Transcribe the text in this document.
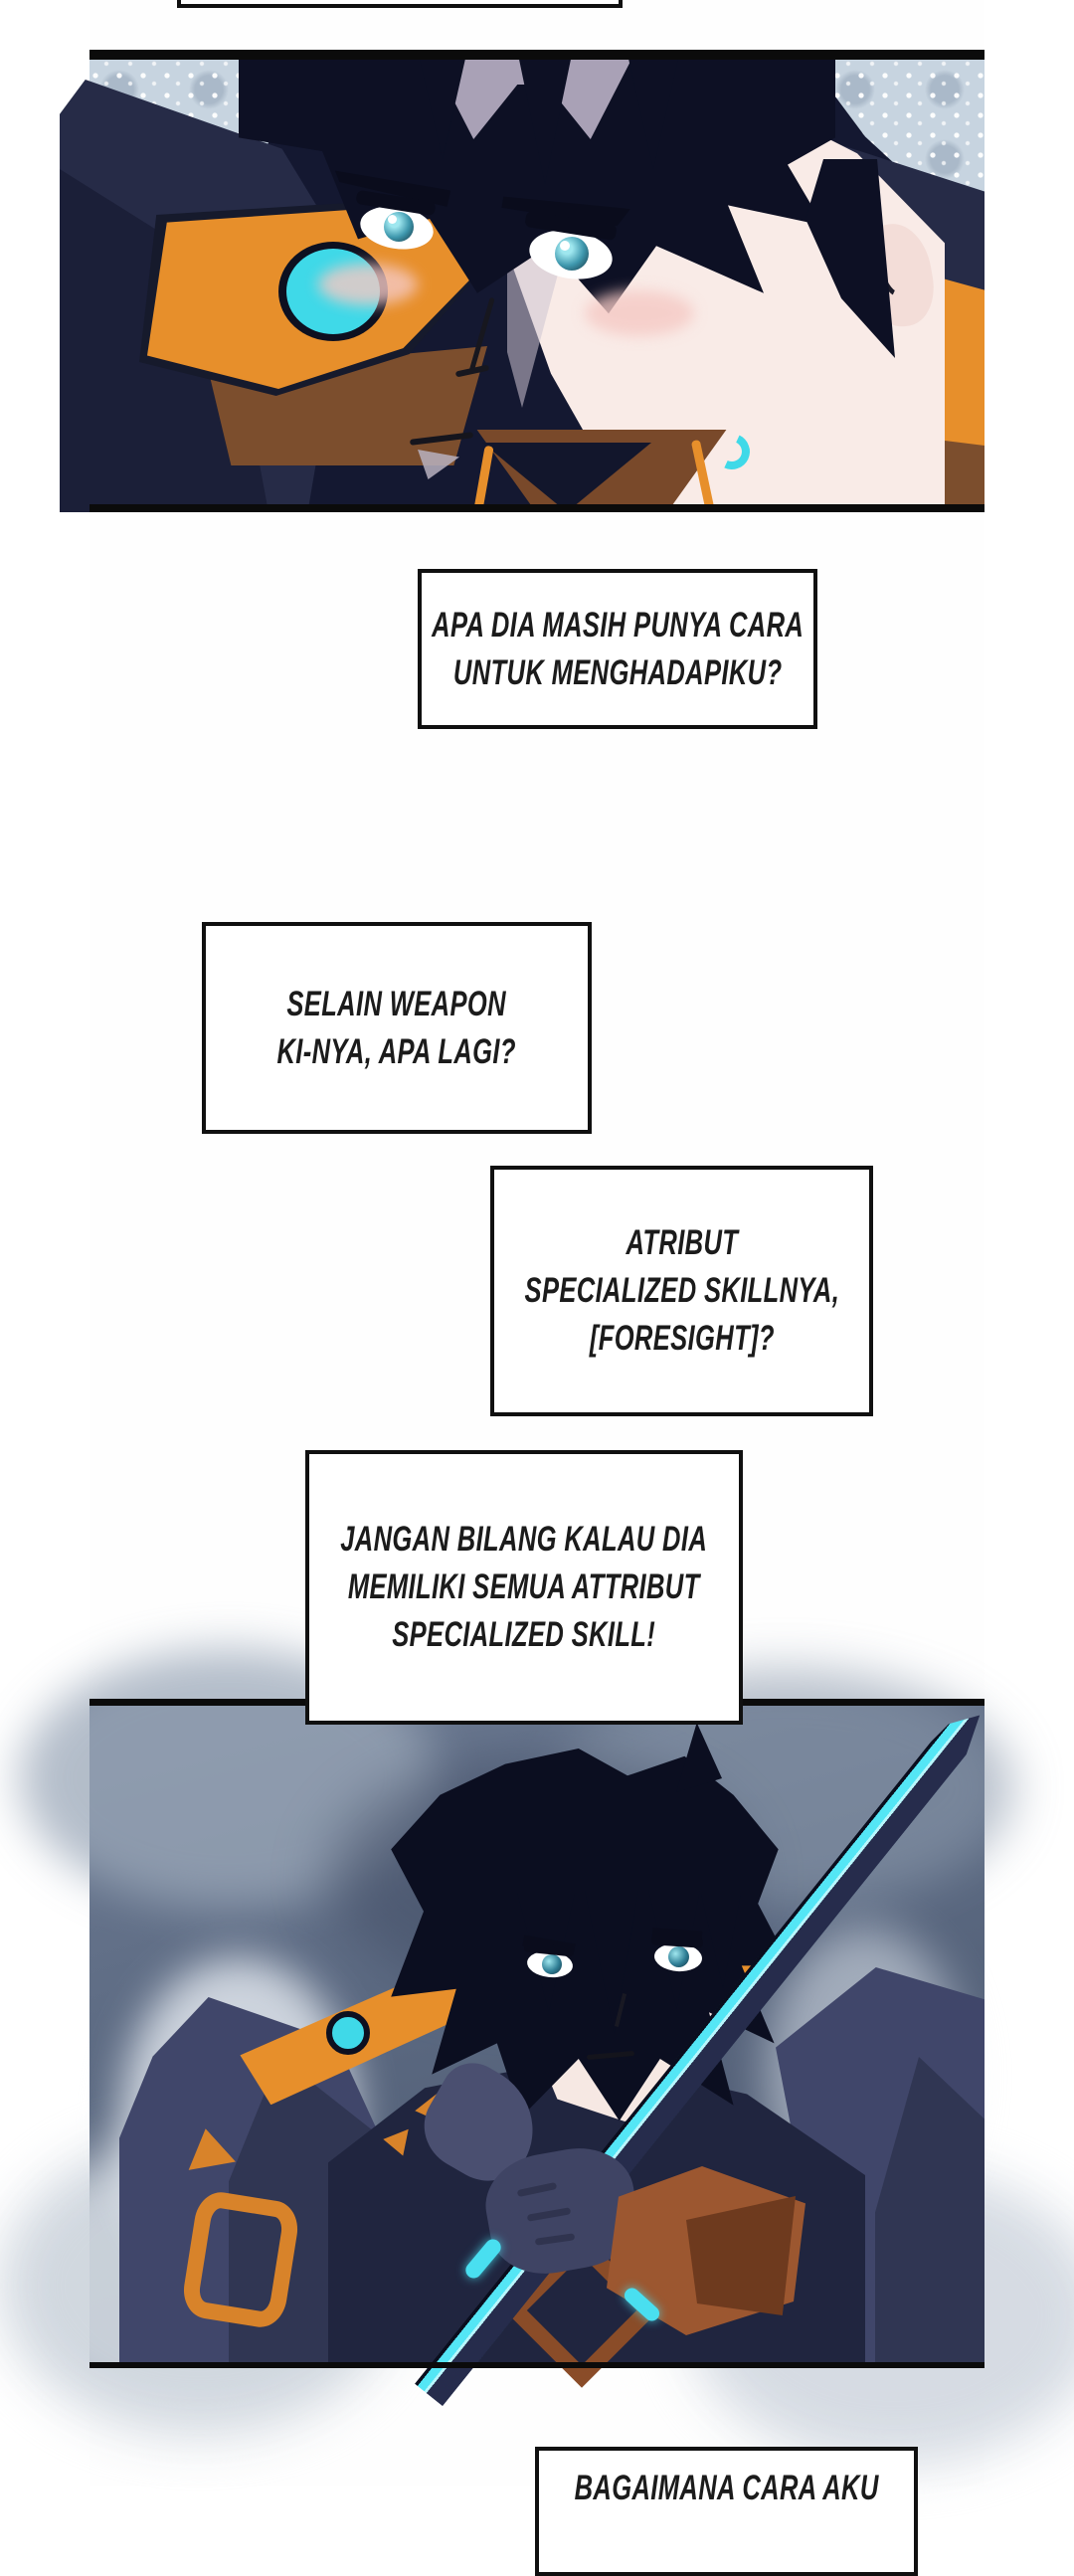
APA DIA MASIH PUNYA CARA
UNTUK MENGHADAPIKU?
SELAIN WEAPON
KI-NYA, APA LAGI?
ATRIBUT
SPECIALIZED SKILLNYA,
[FORESIGHT]?
JANGAN BILANG KALAU DIA
MEMILIKI SEMUA ATTRIBUT
SPECIALIZED SKILL!
BAGAIMANA CARA AKU
